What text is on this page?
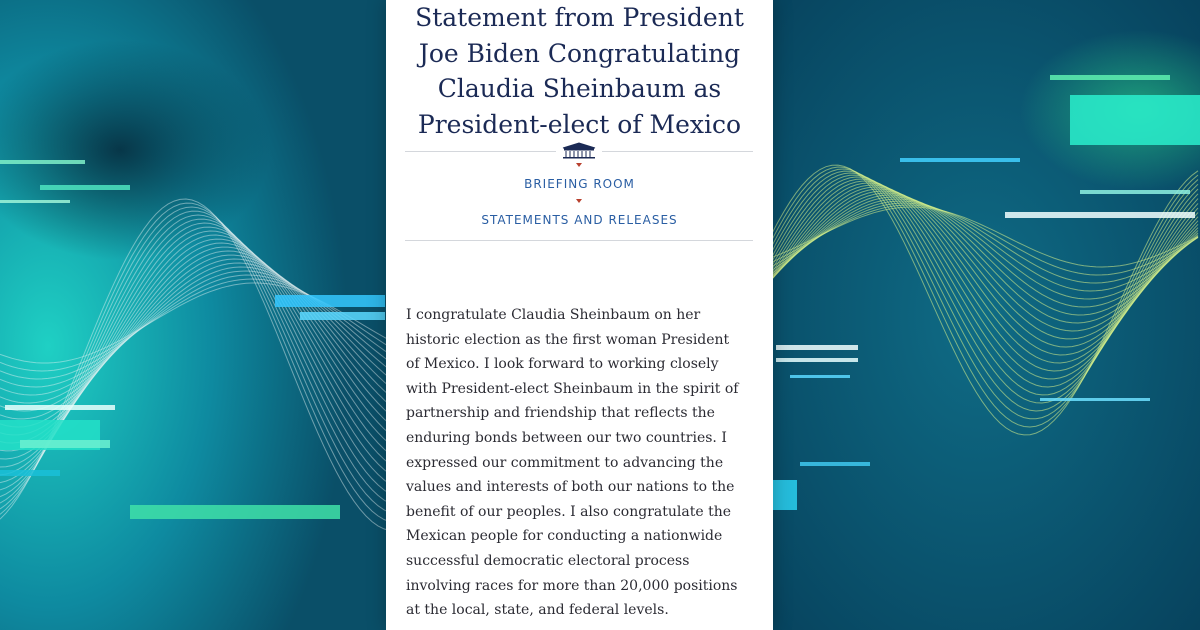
Statement from President
Joe Biden Congratulating
Claudia Sheinbaum as
President-elect of Mexico
BRIEFING ROOM
STATEMENTS AND RELEASES

I congratulate Claudia Sheinbaum on her
historic election as the first woman President
of Mexico. I look forward to working closely
with President-elect Sheinbaum in the spirit of
partnership and friendship that reflects the
enduring bonds between our two countries. I
expressed our commitment to advancing the
values and interests of both our nations to the
benefit of our peoples. I also congratulate the
Mexican people for conducting a nationwide
successful democratic electoral process
involving races for more than 20,000 positions
at the local, state, and federal levels.
